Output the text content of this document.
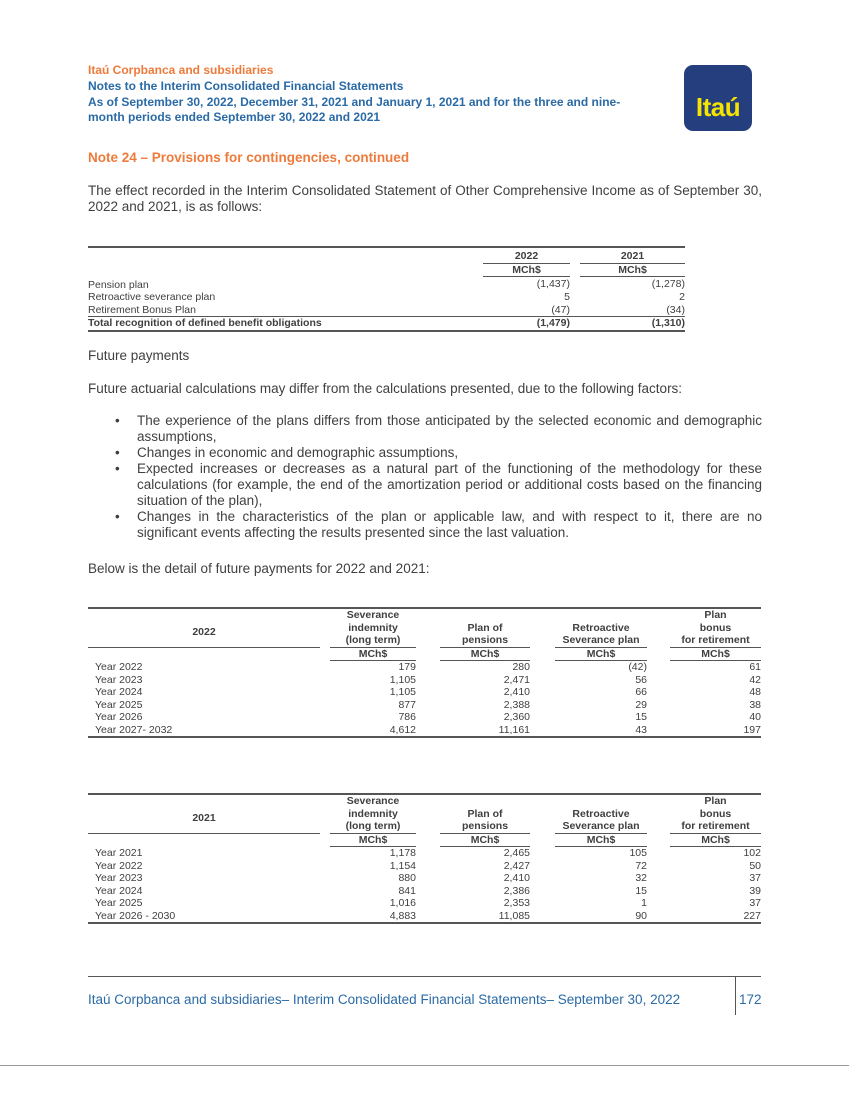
Itaú Corpbanca and subsidiaries
Notes to the Interim Consolidated Financial Statements
As of September 30, 2022, December 31, 2021 and January 1, 2021 and for the three and nine-
month periods ended September 30, 2022 and 2021	Itaú
Note 24 – Provisions for contingencies, continued
The effect recorded in the Interim Consolidated Statement of Other Comprehensive Income as of September 30, 2022 and 2021, is as follows:
	2022		2021
	MCh$		MCh$
Pension plan	(1,437)		(1,278)
Retroactive severance plan	5		2
Retirement Bonus Plan	(47)		(34)
Total recognition of defined benefit obligations	(1,479)		(1,310)
Future payments
Future actuarial calculations may differ from the calculations presented, due to the following factors:
• The experience of the plans differs from those anticipated by the selected economic and demographic assumptions,
• Changes in economic and demographic assumptions,
• Expected increases or decreases as a natural part of the functioning of the methodology for these calculations (for example, the end of the amortization period or additional costs based on the financing situation of the plan),
• Changes in the characteristics of the plan or applicable law, and with respect to it, there are no significant events affecting the results presented since the last valuation.
Below is the detail of future payments for 2022 and 2021:
2022		Severance						Plan
		indemnity		Plan of		Retroactive		bonus
		(long term)		pensions		Severance plan		for retirement
		MCh$		MCh$		MCh$		MCh$
Year 2022		179		280		(42)		61
Year 2023		1,105		2,471		56		42
Year 2024		1,105		2,410		66		48
Year 2025		877		2,388		29		38
Year 2026		786		2,360		15		40
Year 2027- 2032		4,612		11,161		43		197
2021		Severance						Plan
		indemnity		Plan of		Retroactive		bonus
		(long term)		pensions		Severance plan		for retirement
		MCh$		MCh$		MCh$		MCh$
Year 2021		1,178		2,465		105		102
Year 2022		1,154		2,427		72		50
Year 2023		880		2,410		32		37
Year 2024		841		2,386		15		39
Year 2025		1,016		2,353		1		37
Year 2026 - 2030		4,883		11,085		90		227
Itaú Corpbanca and subsidiaries– Interim Consolidated Financial Statements– September 30, 2022	172
